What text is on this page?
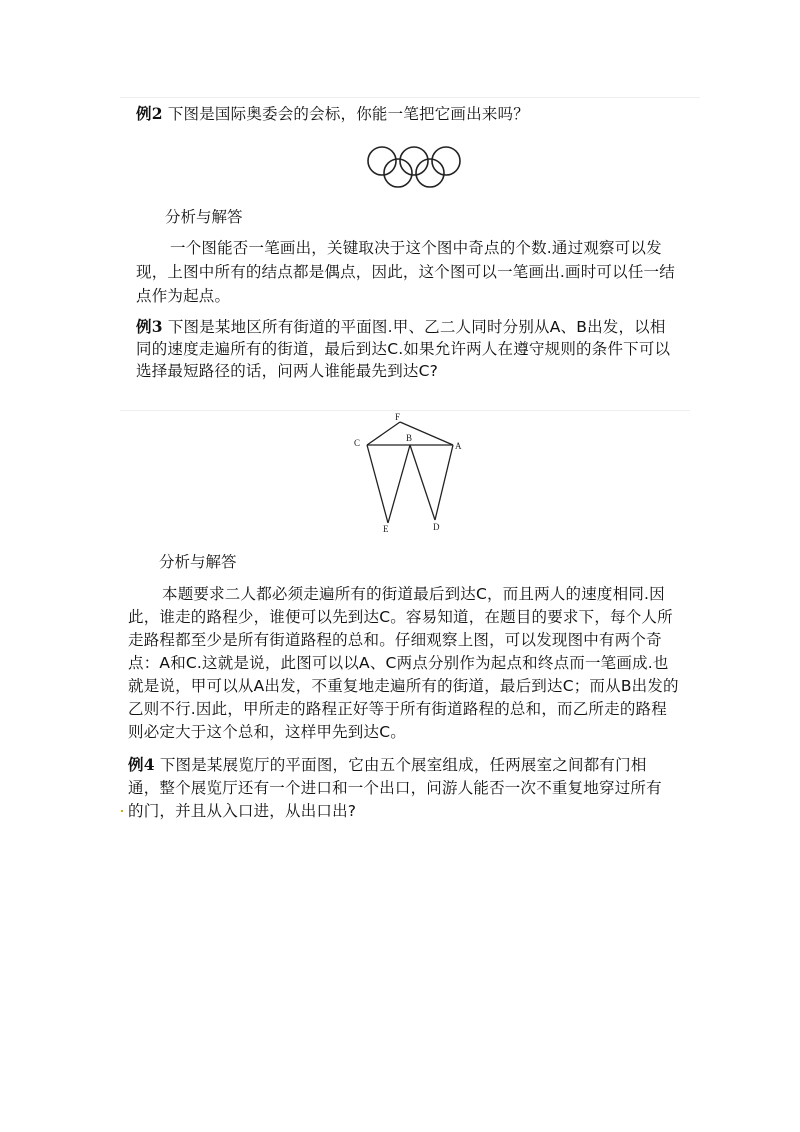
例2 下图是国际奥委会的会标，你能一笔把它画出来吗？
分析与解答
一个图能否一笔画出，关键取决于这个图中奇点的个数.通过观察可以发
现，上图中所有的结点都是偶点，因此，这个图可以一笔画出.画时可以任一结
点作为起点。
例3 下图是某地区所有街道的平面图.甲、乙二人同时分别从A、B出发，以相
同的速度走遍所有的街道，最后到达C.如果允许两人在遵守规则的条件下可以
选择最短路径的话，问两人谁能最先到达C?
F
C	B
A
E	D
分析与解答
本题要求二人都必须走遍所有的街道最后到达C，而且两人的速度相同.因
此，谁走的路程少，谁便可以先到达C。容易知道，在题目的要求下，每个人所
走路程都至少是所有街道路程的总和。仔细观察上图，可以发现图中有两个奇
点：A和C.这就是说，此图可以以A、C两点分别作为起点和终点而一笔画成.也
就是说，甲可以从A出发，不重复地走遍所有的街道，最后到达C；而从B出发的
乙则不行.因此，甲所走的路程正好等于所有街道路程的总和，而乙所走的路程
则必定大于这个总和，这样甲先到达C。
例4 下图是某展览厅的平面图，它由五个展室组成，任两展室之间都有门相
通，整个展览厅还有一个进口和一个出口，问游人能否一次不重复地穿过所有
的门，并且从入口进，从出口出?
